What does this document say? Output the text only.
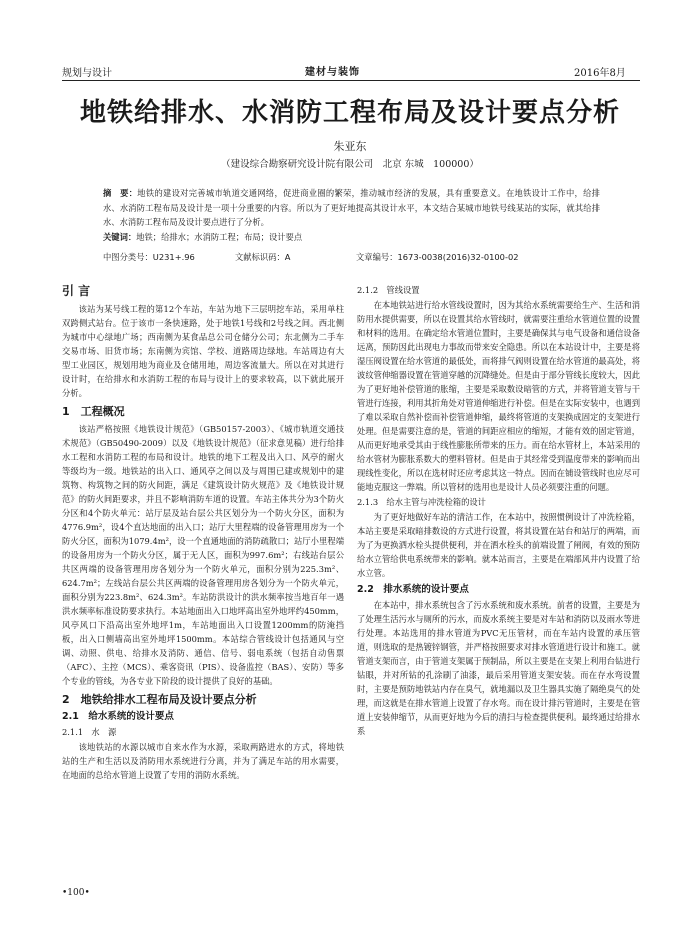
规划与设计	建材与装饰	2016年8月
地铁给排水、水消防工程布局及设计要点分析
朱亚东
（建设综合勘察研究设计院有限公司　北京 东城　100000）
摘　要：地铁的建设对完善城市轨道交通网络，促进商业圈的繁荣，推动城市经济的发展，具有重要意义。在地铁设计工作中，给排水、水消防工程布局及设计是一项十分重要的内容。所以为了更好地提高其设计水平，本文结合某城市地铁号线某站的实际，就其给排水、水消防工程布局及设计要点进行了分析。
关键词：地铁；给排水；水消防工程；布局；设计要点
中图分类号：U231+.96	文献标识码：A	文章编号：1673-0038(2016)32-0100-02
引 言

该站为某号线工程的第12个车站，车站为地下三层明挖车站，采用单柱双跨侧式站台。位于该市一条快速路，处于地铁1号线和2号线之间。西北侧为城市中心绿地广场；西南侧为某食品总公司仓储分公司；东北侧为二手车交易市场、旧货市场；东南侧为宾馆、学校、道路周边绿地。车站周边有大型工业园区，规划用地为商业及仓储用地，周边客流量大。所以在对其进行设计时，在给排水和水消防工程的布局与设计上的要求较高，以下就此展开分析。

1　工程概况

该站严格按照《地铁设计规范》（GB50157-2003）、《城市轨道交通技术规范》（GB50490-2009）以及《地铁设计规范》（征求意见稿）进行给排水工程和水消防工程的布局和设计。地铁的地下工程及出入口、风亭的耐火等级均为一级。地铁站的出入口、通风亭之间以及与周围已建或规划中的建筑物、构筑物之间的防火间距，满足《建筑设计防火规范》及《地铁设计规范》的防火间距要求，并且不影响消防车道的设置。车站主体共分为3个防火分区和4个防火单元：站厅层及站台层公共区划分为一个防火分区，面积为4776.9m²，设4个直达地面的出入口；站厅大里程端的设备管理用房为一个防火分区，面积为1079.4m²，设一个直通地面的消防疏散口；站厅小里程端的设备用房为一个防火分区，属于无人区，面积为997.6m²；右线站台层公共区两端的设备管理用房各划分为一个防火单元，面积分别为225.3m²、624.7m²；左线站台层公共区两端的设备管理用房各划分为一个防火单元，面积分别为223.8m²、624.3m²。车站防洪设计的洪水频率按当地百年一遇洪水频率标准设防要求执行。本站地面出入口地坪高出室外地坪约450mm，风亭风口下沿高出室外地坪1m，车站地面出入口设置1200mm的防淹挡板，出入口侧墙高出室外地坪1500mm。本站综合管线设计包括通风与空调、动照、供电、给排水及消防、通信、信号、弱电系统（包括自动售票（AFC）、主控（MCS）、乘客资讯（PIS）、设备监控（BAS）、安防）等多个专业的管线，为各专业下阶段的设计提供了良好的基础。

2　地铁给排水工程布局及设计要点分析
2.1　给水系统的设计要点
2.1.1　水　源

该地铁站的水源以城市自来水作为水源，采取两路进水的方式，将地铁站的生产和生活以及消防用水系统进行分离，并为了满足车站的用水需要，在地面的总给水管道上设置了专用的消防水系统。

2.1.2　管线设置

在本地铁站进行给水管线设置时，因为其给水系统需要给生产、生活和消防用水提供需要，所以在设置其给水管线时，就需要注重给水管道位置的设置和材料的选用。在确定给水管道位置时，主要是确保其与电气设备和通信设备远离，预防因此出现电力事故而带来安全隐患。所以在本站设计中，主要是将湿压阀设置在给水管道的最低处，而将排气阀则设置在给水管道的最高处，将波纹管伸缩器设置在管道穿越的沉降缝处。但是由于部分管线长度较大，因此为了更好地补偿管道的胀缩，主要是采取数设暗管的方式，并将管道支管与干管进行连接，利用其折角处对管道伸缩进行补偿。但是在实际安装中，也遇到了难以采取自然补偿而补偿管道伸缩，最终将管道的支架换成固定的支架进行处理。但是需要注意的是，管道的间距应相应的缩短，才能有效的固定管道，从而更好地承受其由于线性膨胀所带来的压力。而在给水管材上，本站采用的给水管材为膨胀系数大的塑料管材。但是由于其经常受到温度带来的影响而出现线性变化，所以在选材时还应考虑其这一特点。因而在铺设管线时也应尽可能地克服这一弊端。所以管材的选用也是设计人员必须要注重的问题。

2.1.3　给水主管与冲洗栓箱的设计

为了更好地做好车站的清洁工作，在本站中，按照惯例设计了冲洗栓箱，本站主要是采取暗排数设的方式进行设置，将其设置在站台和站厅的两端，而为了为更换洒水栓头提供便利，并在洒水栓头的前端设置了闸阀，有效的预防给水立管给供电系统带来的影响。就本站而言，主要是在端部风井内设置了给水立管。

2.2　排水系统的设计要点

在本站中，排水系统包含了污水系统和废水系统。前者的设置，主要是为了处理生活污水与厕所的污水，而废水系统主要是对车站和消防以及雨水等进行处理。本站选用的排水管道为PVC无压管材，而在车站内设置的承压管道，则选取的是热镀锌钢管，并严格按照要求对排水管道进行设计和施工。就管道支架而言，由于管道支架属于预制品，所以主要是在支架上利用台钻进行钻眼，并对所钻的孔涂刷了油漆，最后采用管道支架安装。而在存水弯设置时，主要是预防地铁站内存在臭气，就地漏以及卫生器具实施了隔绝臭气的处理，而这就是在排水管道上设置了存水弯。而在设计排污管道时，主要是在管道上安装伸缩节，从而更好地为今后的清扫与检查提供便利。最终通过给排水系

•100•
